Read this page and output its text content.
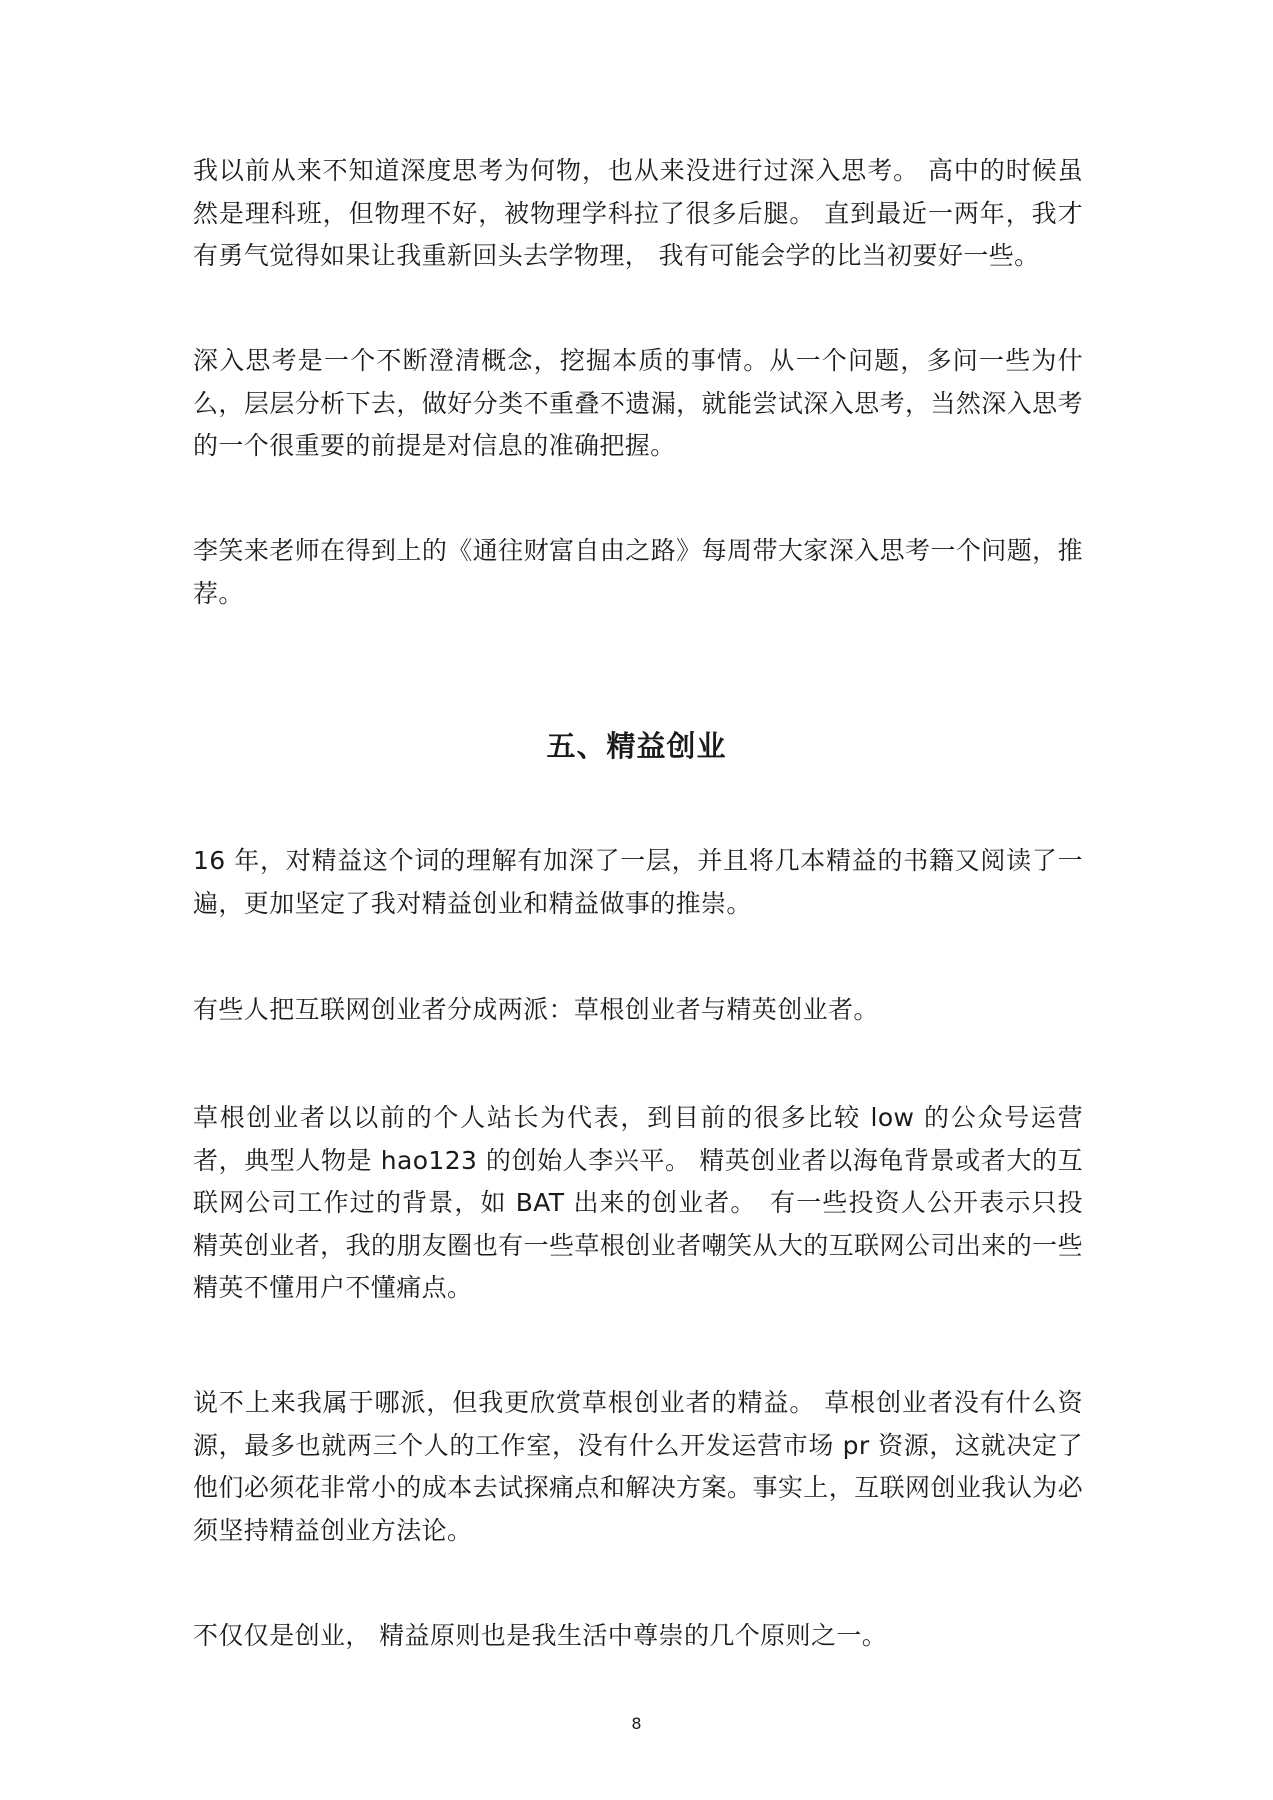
我以前从来不知道深度思考为何物，也从来没进行过深入思考。 高中的时候虽然是理科班，但物理不好，被物理学科拉了很多后腿。 直到最近一两年，我才有勇气觉得如果让我重新回头去学物理， 我有可能会学的比当初要好一些。

深入思考是一个不断澄清概念，挖掘本质的事情。从一个问题，多问一些为什么，层层分析下去，做好分类不重叠不遗漏，就能尝试深入思考，当然深入思考的一个很重要的前提是对信息的准确把握。

李笑来老师在得到上的《通往财富自由之路》每周带大家深入思考一个问题，推荐。

五、精益创业

16 年，对精益这个词的理解有加深了一层，并且将几本精益的书籍又阅读了一遍，更加坚定了我对精益创业和精益做事的推崇。

有些人把互联网创业者分成两派：草根创业者与精英创业者。

草根创业者以以前的个人站长为代表，到目前的很多比较 low 的公众号运营者，典型人物是 hao123 的创始人李兴平。 精英创业者以海龟背景或者大的互联网公司工作过的背景，如 BAT 出来的创业者。　有一些投资人公开表示只投精英创业者，我的朋友圈也有一些草根创业者嘲笑从大的互联网公司出来的一些精英不懂用户不懂痛点。

说不上来我属于哪派，但我更欣赏草根创业者的精益。 草根创业者没有什么资源，最多也就两三个人的工作室，没有什么开发运营市场 pr 资源，这就决定了他们必须花非常小的成本去试探痛点和解决方案。事实上，互联网创业我认为必须坚持精益创业方法论。

不仅仅是创业， 精益原则也是我生活中尊崇的几个原则之一。

8
